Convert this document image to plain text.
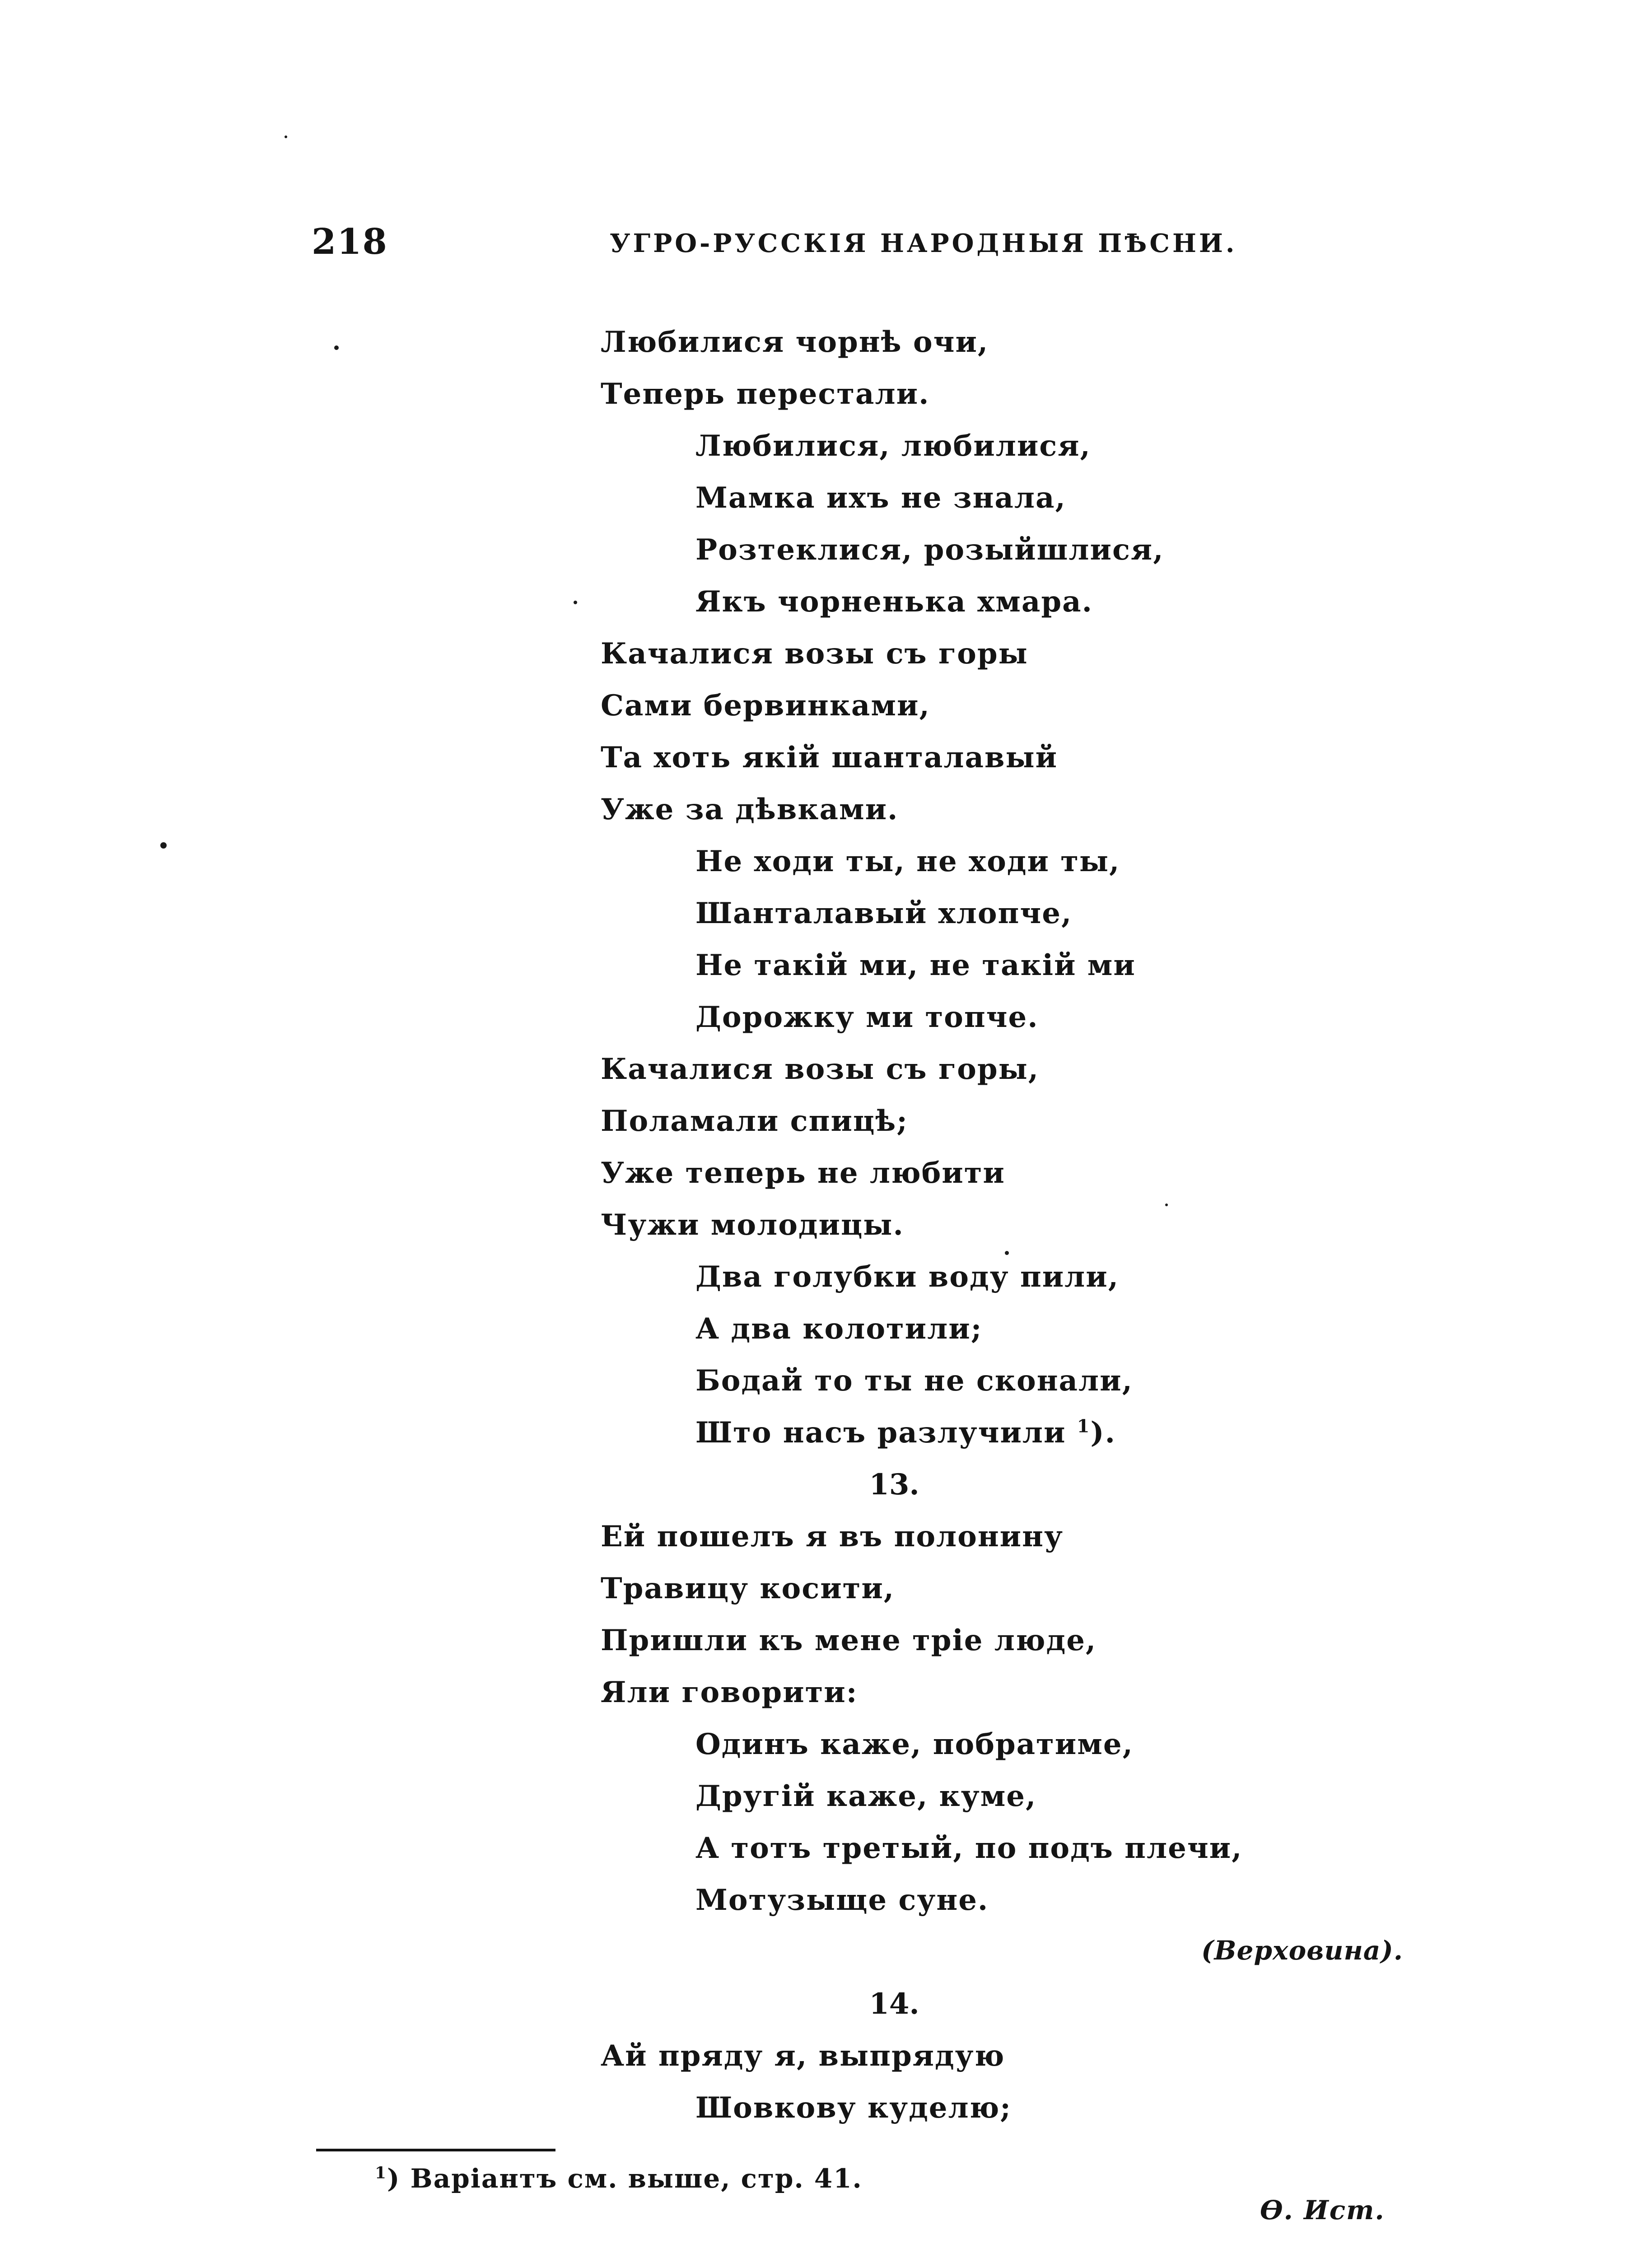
218	УГРО-РУССКІЯ НАРОДНЫЯ ПѢСНИ.
Любилися чорнѣ очи,
Теперь перестали.
Любилися, любилися,
Мамка ихъ не знала,
Розтеклися, розыйшлися,
Якъ чорненька хмара.
Качалися возы съ горы
Сами бервинками,
Та хоть якій шанталавый
Уже за дѣвками.
Не ходи ты, не ходи ты,
Шанталавый хлопче,
Не такій ми, не такій ми
Дорожку ми топче.
Качалися возы съ горы,
Поламали спицѣ;
Уже теперь не любити
Чужи молодицы.
Два голубки воду пили,
А два колотили;
Бодай то ты не сконали,
Што насъ разлучили $^1$).
13.
Ей пошелъ я въ полонину
Травицу косити,
Пришли къ мене тріе люде,
Яли говорити:
Одинъ каже, побратиме,
Другій каже, куме,
А тотъ третый, по подъ плечи,
Мотузыще суне.
14.
Ай пряду я, выпрядую
Шовкову куделю;
(Верховина).
$^1$) Варіантъ см. выше, стр. 41.
Ѳ. Ист.
